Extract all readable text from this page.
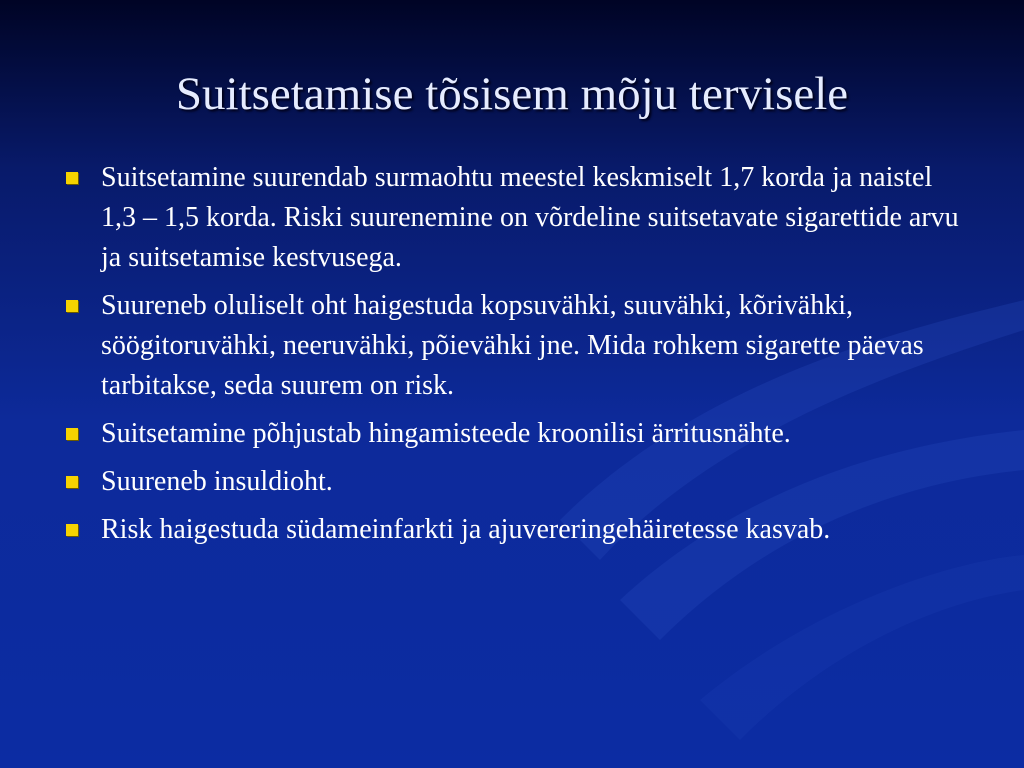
Suitsetamise tõsisem mõju tervisele
Suitsetamine suurendab surmaohtu meestel keskmiselt 1,7 korda ja naistel 1,3 – 1,5 korda. Riski suurenemine on võrdeline suitsetavate sigarettide arvu ja suitsetamise kestvusega.
Suureneb oluliselt oht haigestuda kopsuvähki, suuvähki, kõrivähki, söögitoruvähki, neeruvähki, põievähki jne. Mida rohkem sigarette päevas tarbitakse, seda suurem on risk.
Suitsetamine põhjustab hingamisteede kroonilisi ärritusnähte.
Suureneb insuldioht.
Risk haigestuda südameinfarkti ja ajuvereringehäiretesse kasvab.
